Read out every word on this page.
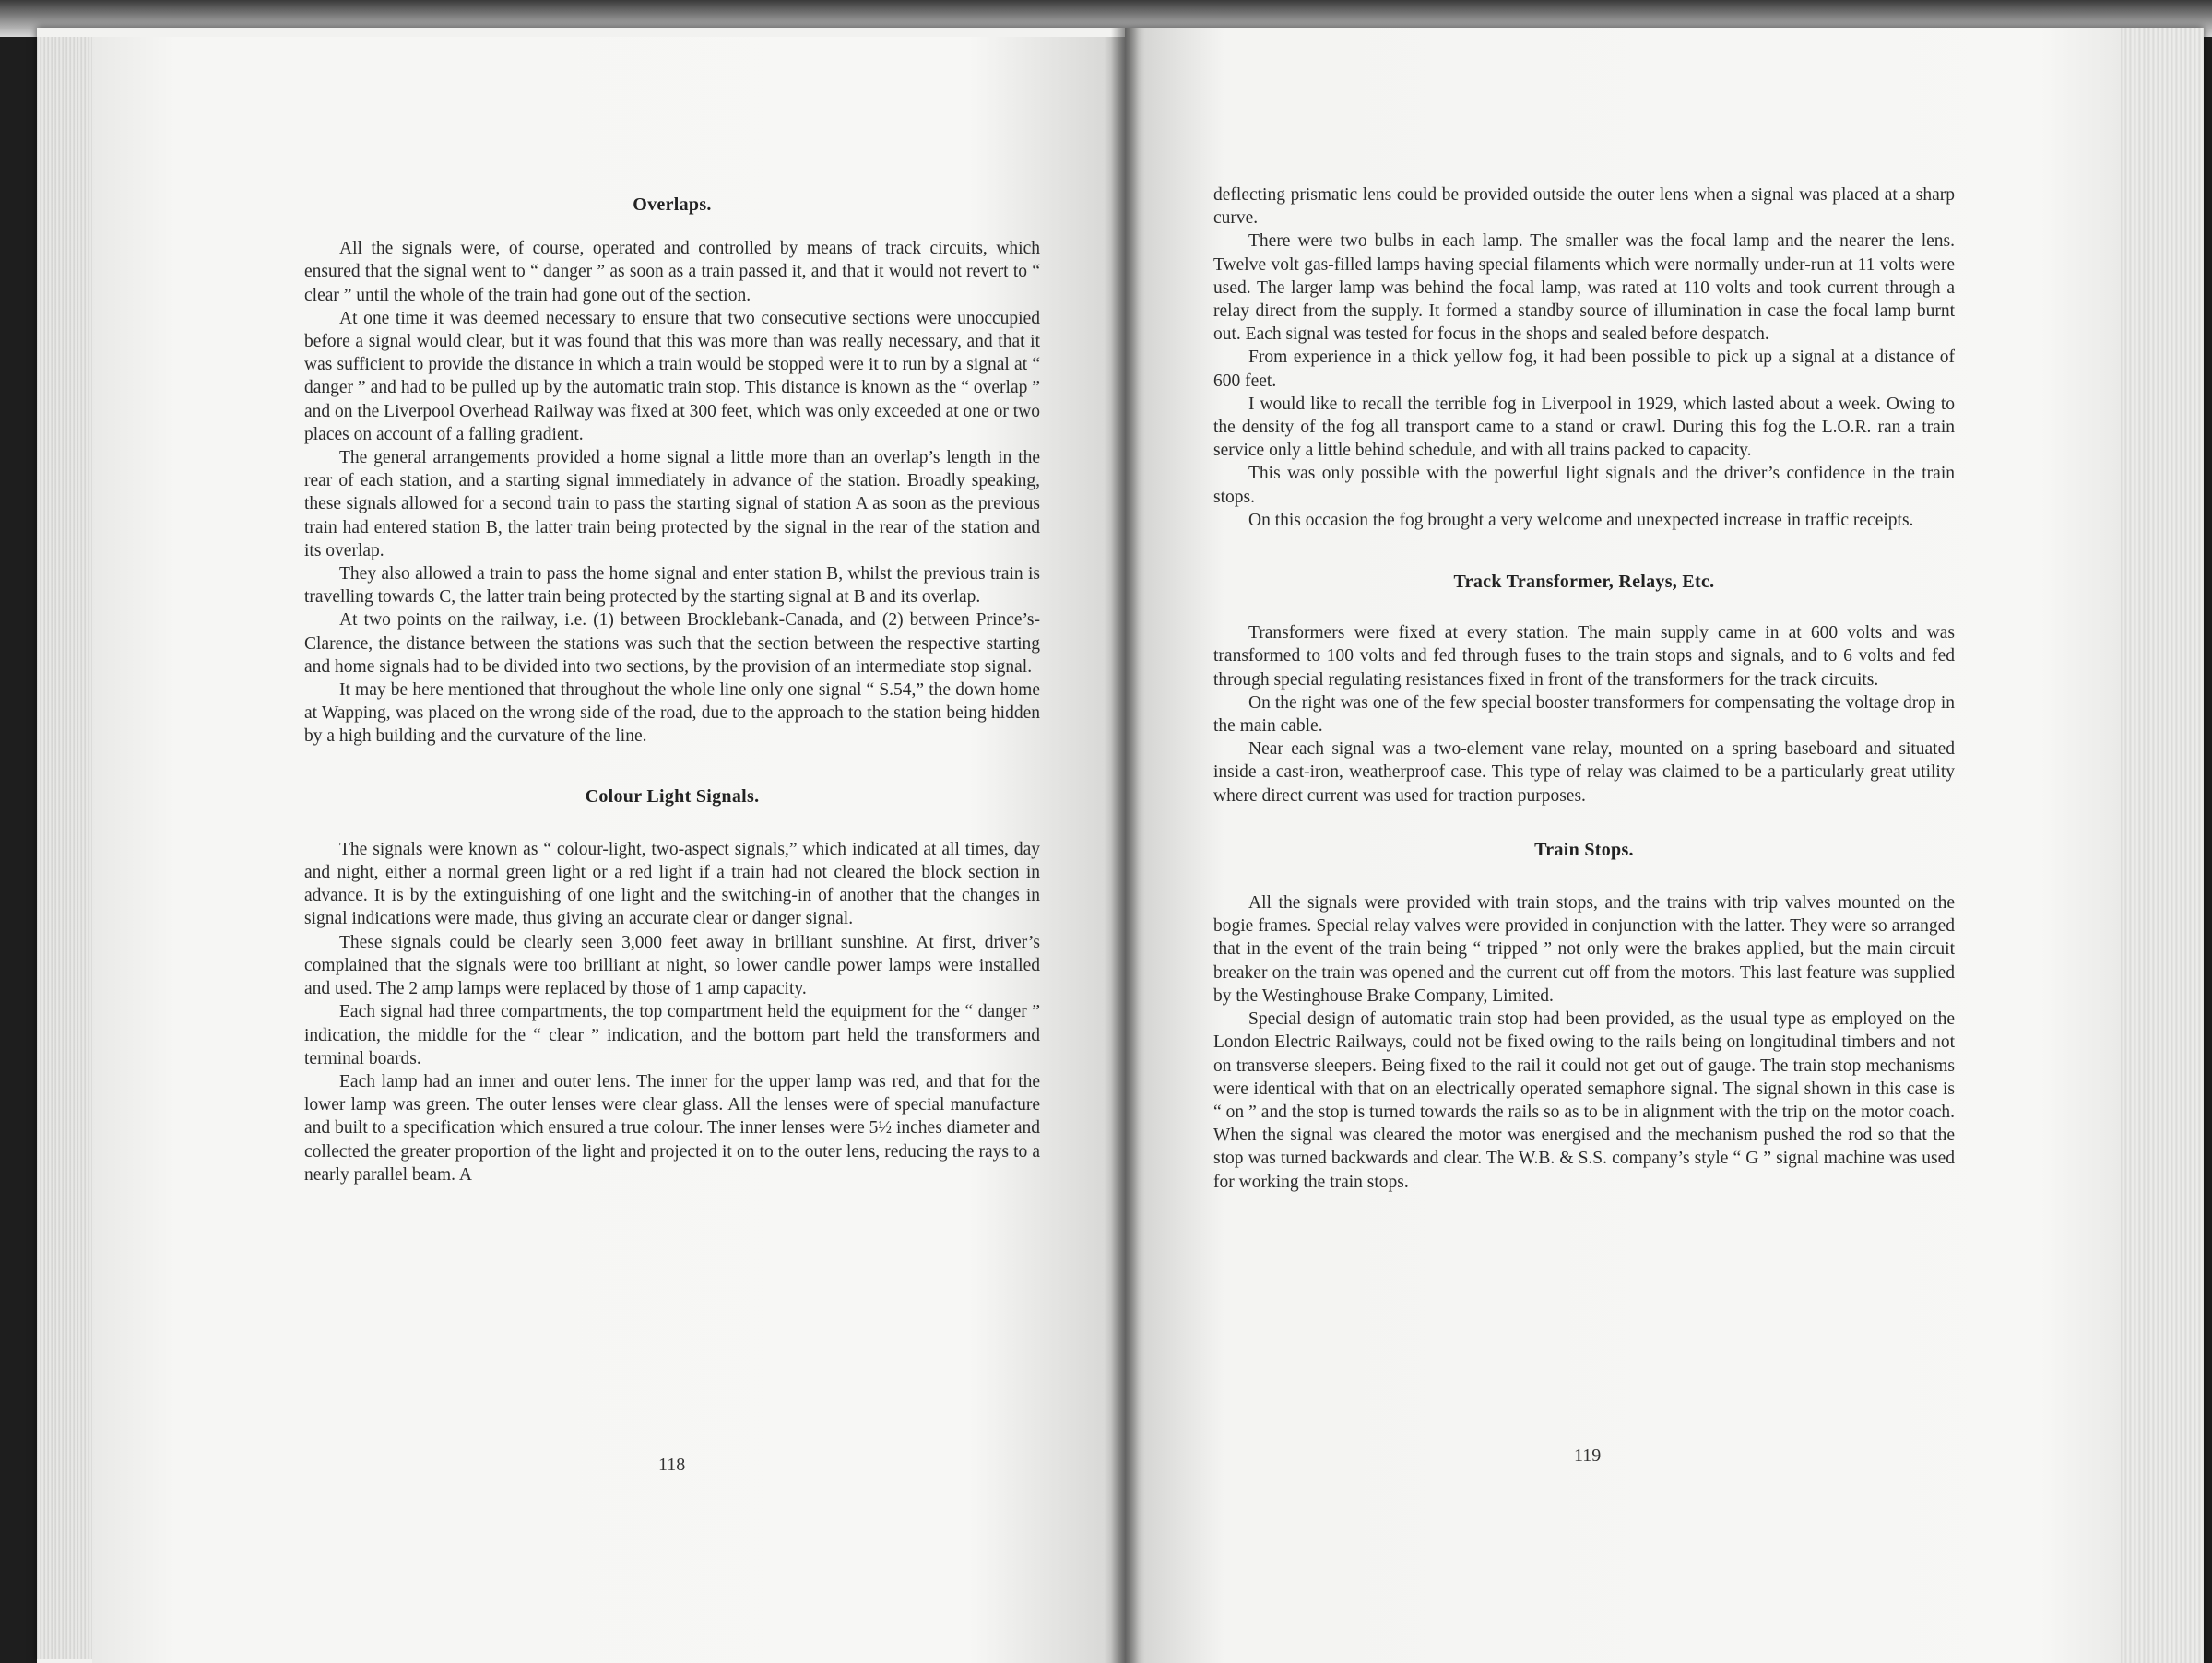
Overlaps.

All the signals were, of course, operated and controlled by means of track circuits, which ensured that the signal went to “ danger ” as soon as a train passed it, and that it would not revert to “ clear ” until the whole of the train had gone out of the section.

At one time it was deemed necessary to ensure that two consecutive sections were unoccupied before a signal would clear, but it was found that this was more than was really necessary, and that it was sufficient to provide the distance in which a train would be stopped were it to run by a signal at “ danger ” and had to be pulled up by the automatic train stop. This distance is known as the “ overlap ” and on the Liverpool Overhead Railway was fixed at 300 feet, which was only exceeded at one or two places on account of a falling gradient.

The general arrangements provided a home signal a little more than an overlap’s length in the rear of each station, and a starting signal immediately in advance of the station. Broadly speaking, these signals allowed for a second train to pass the starting signal of station A as soon as the previous train had entered station B, the latter train being protected by the signal in the rear of the station and its overlap.

They also allowed a train to pass the home signal and enter station B, whilst the previous train is travelling towards C, the latter train being protected by the starting signal at B and its overlap.

At two points on the railway, i.e. (1) between Brocklebank-Canada, and (2) between Prince’s-Clarence, the distance between the stations was such that the section between the respective starting and home signals had to be divided into two sections, by the provision of an intermediate stop signal.

It may be here mentioned that throughout the whole line only one signal “ S.54,” the down home at Wapping, was placed on the wrong side of the road, due to the approach to the station being hidden by a high building and the curvature of the line.

Colour Light Signals.

The signals were known as “ colour-light, two-aspect signals,” which indicated at all times, day and night, either a normal green light or a red light if a train had not cleared the block section in advance. It is by the extinguishing of one light and the switching-in of another that the changes in signal indications were made, thus giving an accurate clear or danger signal.

These signals could be clearly seen 3,000 feet away in brilliant sunshine. At first, driver’s complained that the signals were too brilliant at night, so lower candle power lamps were installed and used. The 2 amp lamps were replaced by those of 1 amp capacity.

Each signal had three compartments, the top compartment held the equipment for the “ danger ” indication, the middle for the “ clear ” indication, and the bottom part held the transformers and terminal boards.

Each lamp had an inner and outer lens. The inner for the upper lamp was red, and that for the lower lamp was green. The outer lenses were clear glass. All the lenses were of special manufacture and built to a specification which ensured a true colour. The inner lenses were 5½ inches diameter and collected the greater proportion of the light and projected it on to the outer lens, reducing the rays to a nearly parallel beam. A

118

deflecting prismatic lens could be provided outside the outer lens when a signal was placed at a sharp curve.

There were two bulbs in each lamp. The smaller was the focal lamp and the nearer the lens. Twelve volt gas-filled lamps having special filaments which were normally under-run at 11 volts were used. The larger lamp was behind the focal lamp, was rated at 110 volts and took current through a relay direct from the supply. It formed a standby source of illumination in case the focal lamp burnt out. Each signal was tested for focus in the shops and sealed before despatch.

From experience in a thick yellow fog, it had been possible to pick up a signal at a distance of 600 feet.

I would like to recall the terrible fog in Liverpool in 1929, which lasted about a week. Owing to the density of the fog all transport came to a stand or crawl. During this fog the L.O.R. ran a train service only a little behind schedule, and with all trains packed to capacity.

This was only possible with the powerful light signals and the driver’s confidence in the train stops.

On this occasion the fog brought a very welcome and unexpected increase in traffic receipts.

Track Transformer, Relays, Etc.

Transformers were fixed at every station. The main supply came in at 600 volts and was transformed to 100 volts and fed through fuses to the train stops and signals, and to 6 volts and fed through special regulating resistances fixed in front of the transformers for the track circuits.

On the right was one of the few special booster transformers for compensating the voltage drop in the main cable.

Near each signal was a two-element vane relay, mounted on a spring baseboard and situated inside a cast-iron, weatherproof case. This type of relay was claimed to be a particularly great utility where direct current was used for traction purposes.

Train Stops.

All the signals were provided with train stops, and the trains with trip valves mounted on the bogie frames. Special relay valves were provided in conjunction with the latter. They were so arranged that in the event of the train being “ tripped ” not only were the brakes applied, but the main circuit breaker on the train was opened and the current cut off from the motors. This last feature was supplied by the Westinghouse Brake Company, Limited.

Special design of automatic train stop had been provided, as the usual type as employed on the London Electric Railways, could not be fixed owing to the rails being on longitudinal timbers and not on transverse sleepers. Being fixed to the rail it could not get out of gauge. The train stop mechanisms were identical with that on an electrically operated semaphore signal. The signal shown in this case is “ on ” and the stop is turned towards the rails so as to be in alignment with the trip on the motor coach. When the signal was cleared the motor was energised and the mechanism pushed the rod so that the stop was turned backwards and clear. The W.B. & S.S. company’s style “ G ” signal machine was used for working the train stops.

119
